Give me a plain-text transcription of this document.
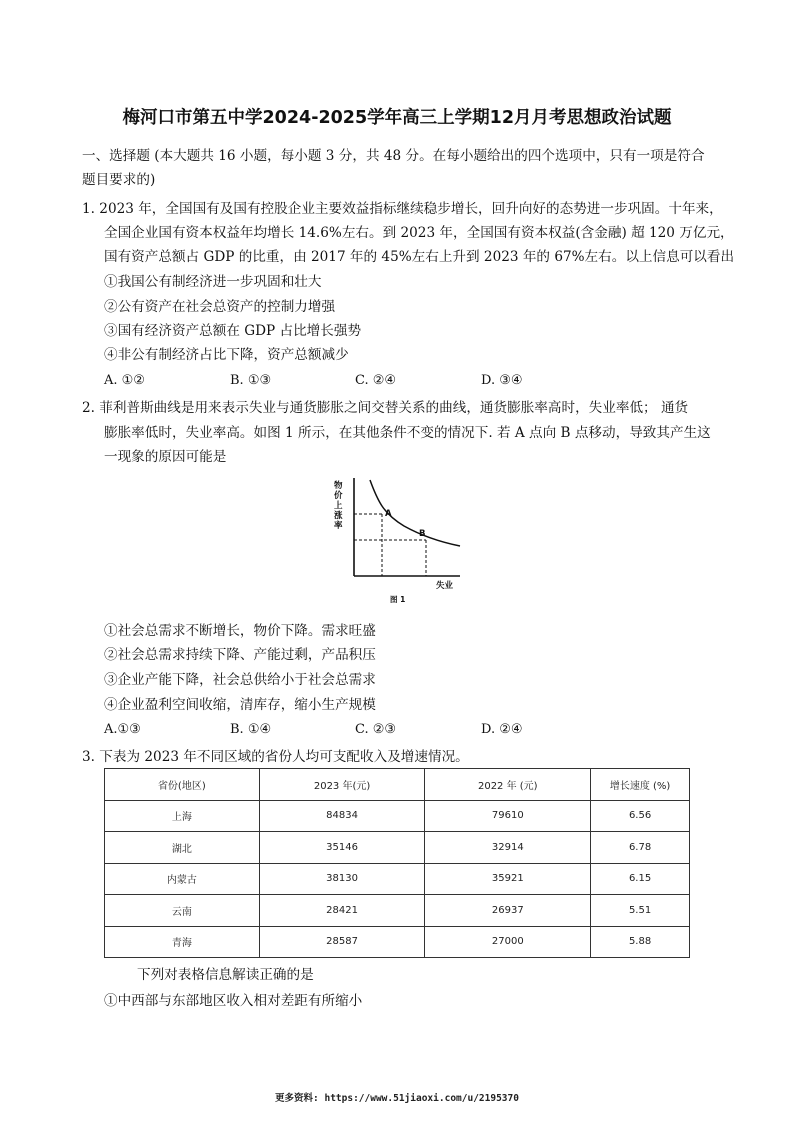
梅河口市第五中学2024-2025学年高三上学期12月月考思想政治试题
一、选择题 (本大题共 16 小题，每小题 3 分，共 48 分。在每小题给出的四个选项中，只有一项是符合
题目要求的)
1. 2023 年，全国国有及国有控股企业主要效益指标继续稳步增长，回升向好的态势进一步巩固。十年来，
全国企业国有资本权益年均增长 14.6%左右。到 2023 年，全国国有资本权益(含金融) 超 120 万亿元，
国有资产总额占 GDP 的比重，由 2017 年的 45%左右上升到 2023 年的 67%左右。以上信息可以看出
①我国公有制经济进一步巩固和壮大
②公有资产在社会总资产的控制力增强
③国有经济资产总额在 GDP 占比增长强势
④非公有制经济占比下降，资产总额减少
A. ①②	B. ①③	C. ②④	D. ③④
2. 菲利普斯曲线是用来表示失业与通货膨胀之间交替关系的曲线，通货膨胀率高时，失业率低； 通货
膨胀率低时，失业率高。如图 1 所示，在其他条件不变的情况下. 若 A 点向 B 点移动，导致其产生这
一现象的原因可能是
物
价
上
涨
率
A
B
失业
图 1
①社会总需求不断增长，物价下降。需求旺盛
②社会总需求持续下降、产能过剩，产品积压
③企业产能下降，社会总供给小于社会总需求
④企业盈利空间收缩，清库存，缩小生产规模
A.①③	B. ①④	C. ②③	D. ②④
3. 下表为 2023 年不同区域的省份人均可支配收入及增速情况。
省份(地区)	2023 年(元)	2022 年 (元)	增长速度 (%)
上海	84834	79610	6.56
湖北	35146	32914	6.78
内蒙古	38130	35921	6.15
云南	28421	26937	5.51
青海	28587	27000	5.88
下列对表格信息解读正确的是
①中西部与东部地区收入相对差距有所缩小
更多资料: https://www.51jiaoxi.com/u/2195370
